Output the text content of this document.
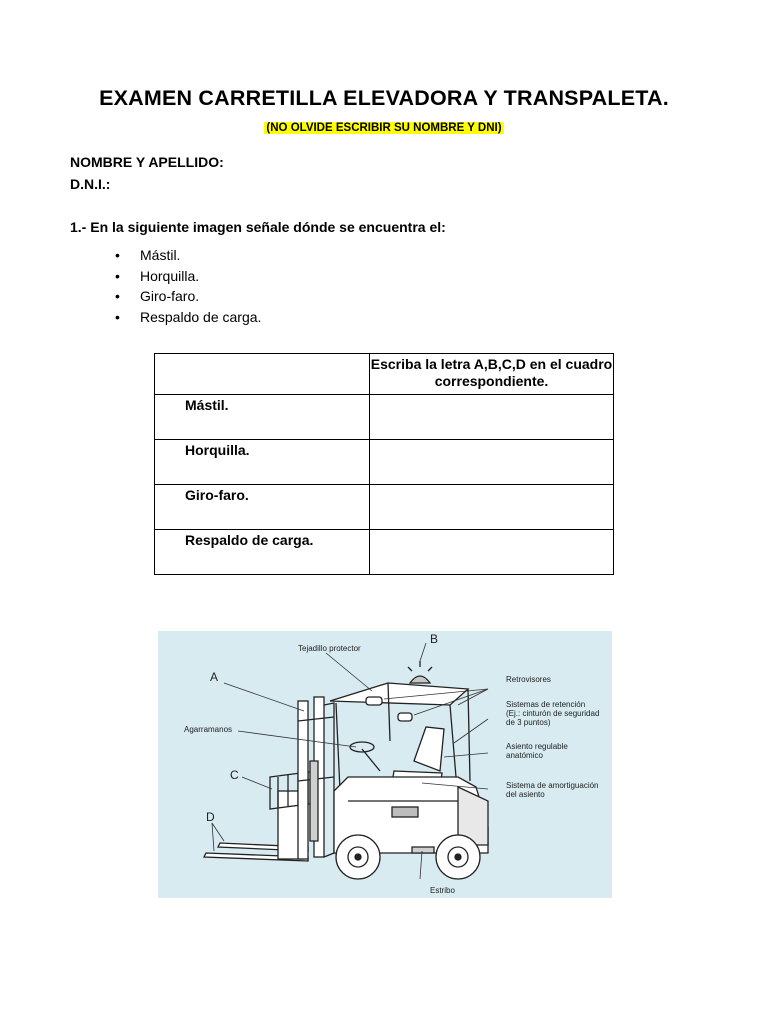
EXAMEN CARRETILLA ELEVADORA Y TRANSPALETA.
(NO OLVIDE ESCRIBIR SU NOMBRE Y DNI)

NOMBRE Y APELLIDO:

D.N.I.:

1.- En la siguiente imagen señale dónde se encuentra el:

• Mástil.
• Horquilla.
• Giro-faro.
• Respaldo de carga.
	Escriba la letra A,B,C,D en el cuadro correspondiente.
Mástil.	
Horquilla.	
Giro-faro.	
Respaldo de carga.	
A
B
C
D
Tejadillo protector
Retrovisores
Sistemas de retención
(Ej.: cinturón de seguridad
de 3 puntos)
Agarramanos
Asiento regulable
anatómico
Sistema de amortiguación
del asiento
Estribo
